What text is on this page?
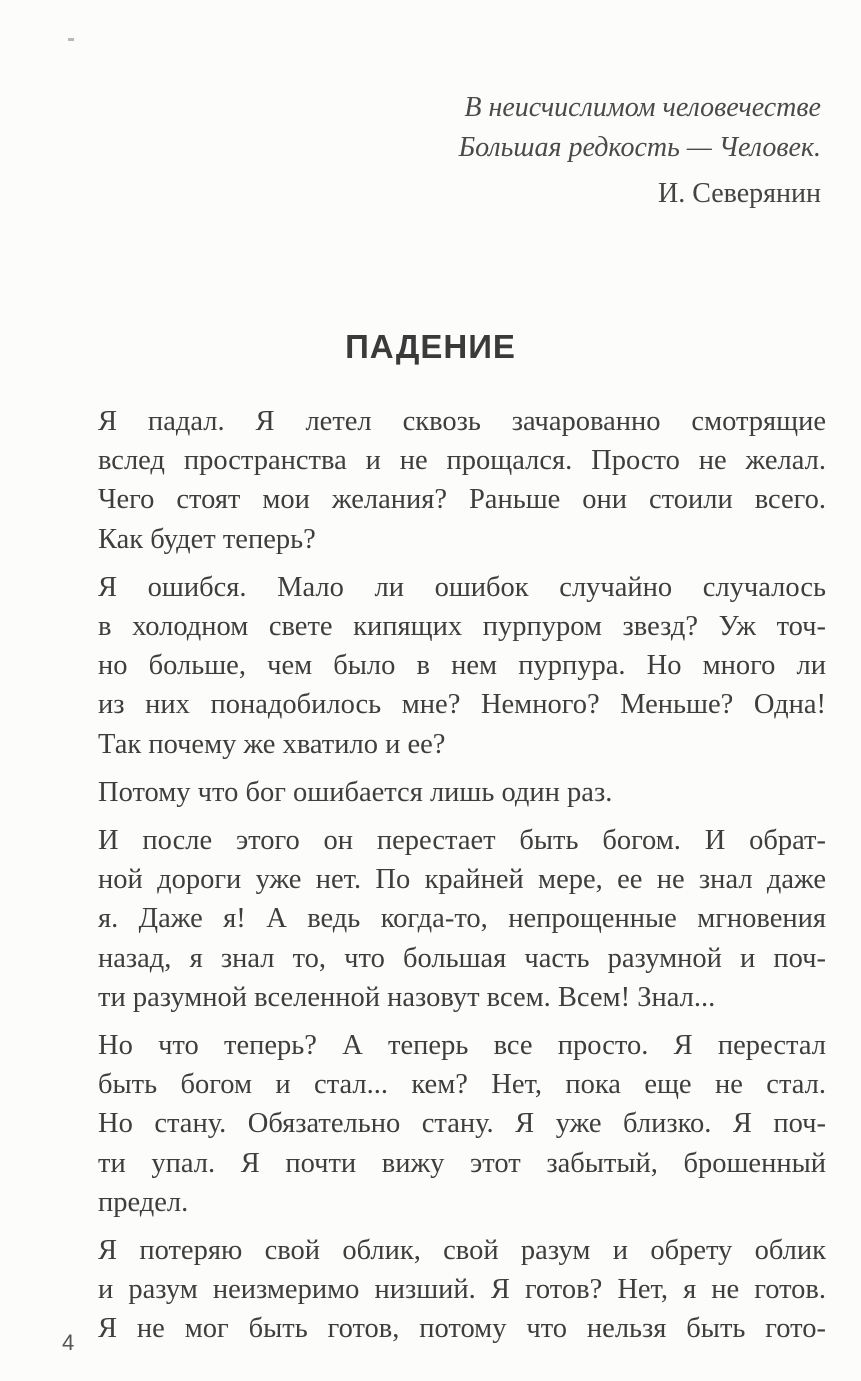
В неисчислимом человечестве
Большая редкость — Человек.
И. Северянин
ПАДЕНИЕ

Я падал. Я летел сквозь зачарованно смотрящие
вслед пространства и не прощался. Просто не желал.
Чего стоят мои желания? Раньше они стоили всего.
Как будет теперь?

Я ошибся. Мало ли ошибок случайно случалось
в холодном свете кипящих пурпуром звезд? Уж точ-
но больше, чем было в нем пурпура. Но много ли
из них понадобилось мне? Немного? Меньше? Одна!
Так почему же хватило и ее?

Потому что бог ошибается лишь один раз.

И после этого он перестает быть богом. И обрат-
ной дороги уже нет. По крайней мере, ее не знал даже
я. Даже я! А ведь когда-то, непрощенные мгновения
назад, я знал то, что большая часть разумной и поч-
ти разумной вселенной назовут всем. Всем! Знал...

Но что теперь? А теперь все просто. Я перестал
быть богом и стал... кем? Нет, пока еще не стал.
Но стану. Обязательно стану. Я уже близко. Я поч-
ти упал. Я почти вижу этот забытый, брошенный
предел.

Я потеряю свой облик, свой разум и обрету облик
и разум неизмеримо низший. Я готов? Нет, я не готов.
Я не мог быть готов, потому что нельзя быть гото-

4
